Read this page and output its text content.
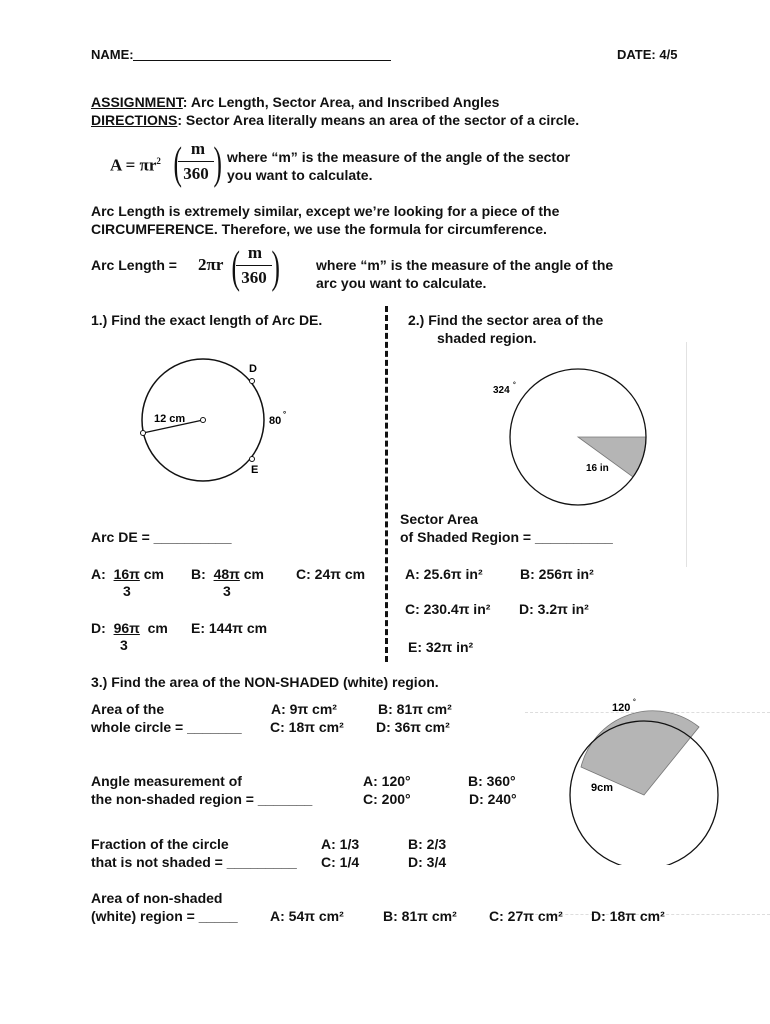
NAME:	DATE: 4/5
ASSIGNMENT: Arc Length, Sector Area, and Inscribed Angles
DIRECTIONS: Sector Area literally means an area of the sector of a circle.
$A = \pi r^2$ ( m
360 ) where “m” is the measure of the angle of the sector
you want to calculate.
Arc Length is extremely similar, except we’re looking for a piece of the
CIRCUMFERENCE. Therefore, we use the formula for circumference.
Arc Length = 2πr ( m
360 )	where “m” is the measure of the angle of the
arc you want to calculate.
1.) Find the exact length of Arc DE.
D
E
12 cm	80
°
Arc DE = __________
A: 16π cm
3
B: 48π cm
3
C: 24π cm
D: 96π cm
3
E: 144π cm
2.) Find the sector area of the
shaded region.
324 °
16 in
Sector Area
of Shaded Region = __________
A: 25.6π in²	B: 256π in²
C: 230.4π in² D: 3.2π in²
E: 32π in²
3.) Find the area of the NON-SHADED (white) region.
120 °
9cm
Area of the
whole circle = _______
A: 9π cm²	B: 81π cm²
C: 18π cm² D: 36π cm²
Angle measurement of
the non-shaded region = _______
A: 120°	B: 360°
C: 200°	D: 240°
Fraction of the circle
that is not shaded = _________
A: 1/3	B: 2/3
C: 1/4	D: 3/4
Area of non-shaded
(white) region = _____ A: 54π cm²	B: 81π cm² C: 27π cm² D: 18π cm²
